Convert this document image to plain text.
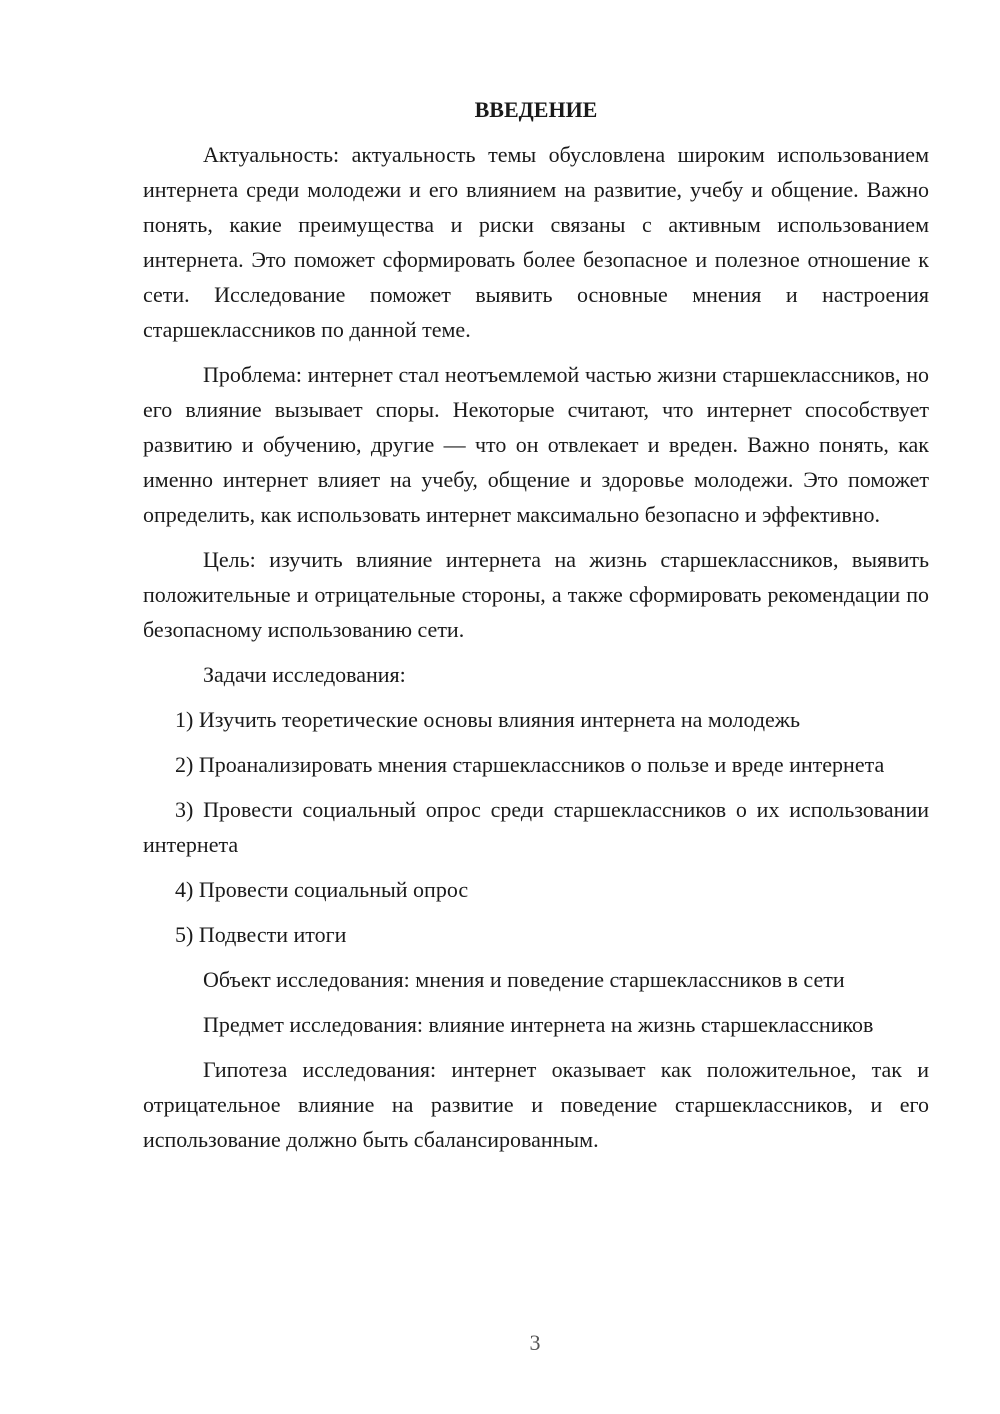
ВВЕДЕНИЕ

Актуальность: актуальность темы обусловлена широким использованием интернета среди молодежи и его влиянием на развитие, учебу и общение. Важно понять, какие преимущества и риски связаны с активным использованием интернета. Это поможет сформировать более безопасное и полезное отношение к сети. Исследование поможет выявить основные мнения и настроения старшеклассников по данной теме.

Проблема: интернет стал неотъемлемой частью жизни старшеклассников, но его влияние вызывает споры. Некоторые считают, что интернет способствует развитию и обучению, другие — что он отвлекает и вреден. Важно понять, как именно интернет влияет на учебу, общение и здоровье молодежи. Это поможет определить, как использовать интернет максимально безопасно и эффективно.

Цель: изучить влияние интернета на жизнь старшеклассников, выявить положительные и отрицательные стороны, а также сформировать рекомендации по безопасному использованию сети.

Задачи исследования:

1) Изучить теоретические основы влияния интернета на молодежь

2) Проанализировать мнения старшеклассников о пользе и вреде интернета

3) Провести социальный опрос среди старшеклассников о их использовании интернета

4) Провести социальный опрос

5) Подвести итоги

Объект исследования: мнения и поведение старшеклассников в сети

Предмет исследования: влияние интернета на жизнь старшеклассников

Гипотеза исследования: интернет оказывает как положительное, так и отрицательное влияние на развитие и поведение старшеклассников, и его использование должно быть сбалансированным.

3
